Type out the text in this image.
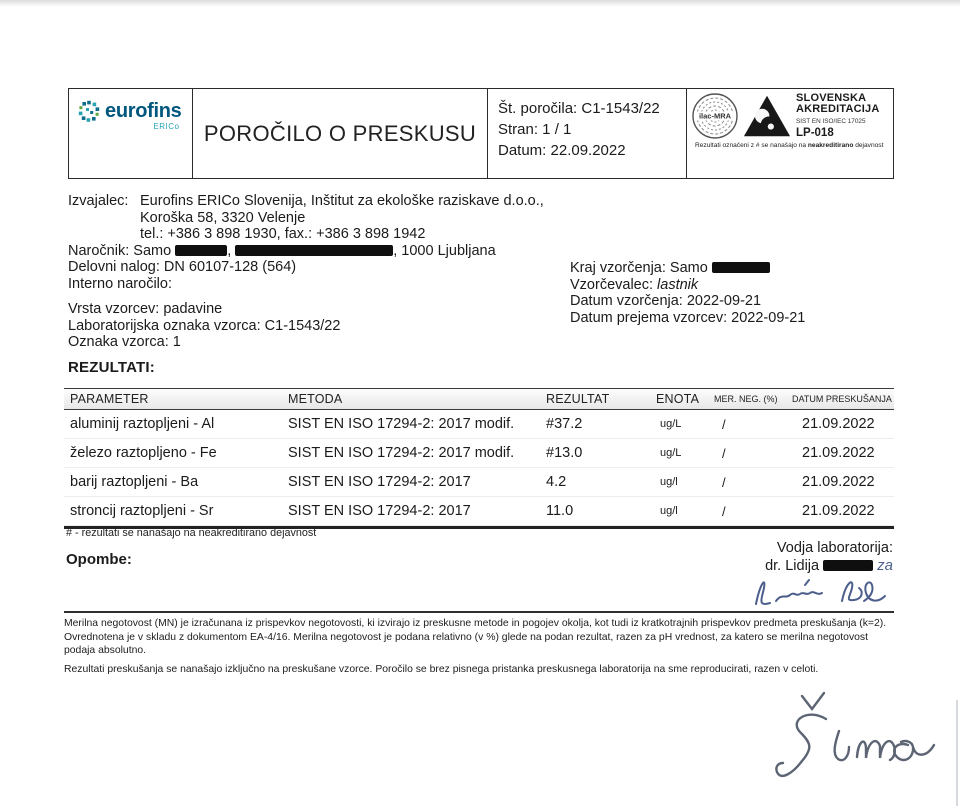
eurofins
ERICo POROČILO O PRESKUSU
Št. poročila: C1-1543/22
Stran: 1 / 1
Datum: 22.09.2022
ilac-MRA
SLOVENSKA
AKREDITACIJA
SIST EN ISO/IEC 17025
LP-018
Rezultati označeni z # se nanašajo na neakreditirano dejavnost
Izvajalec: Eurofins ERICo Slovenija, Inštitut za ekološke raziskave d.o.o.,
Koroška 58, 3320 Velenje
tel.: +386 3 898 1930, fax.: +386 3 898 1942
Naročnik: Samo	,	, 1000 Ljubljana
Delovni nalog: DN 60107-128 (564)
Interno naročilo:
Kraj vzorčenja: Samo
Vzorčevalec: lastnik
Datum vzorčenja: 2022-09-21
Datum prejema vzorcev: 2022-09-21
Vrsta vzorcev: padavine
Laboratorijska oznaka vzorca: C1-1543/22
Oznaka vzorca: 1
REZULTATI:
PARAMETER	METODA	REZULTAT	ENOTA	MER. NEG. (%)	DATUM PRESKUŠANJA
aluminij raztopljeni - Al	SIST EN ISO 17294-2: 2017 modif.	#37.2	ug/L	/	21.09.2022
železo raztopljeno - Fe	SIST EN ISO 17294-2: 2017 modif.	#13.0	ug/L	/	21.09.2022
barij raztopljeni - Ba	SIST EN ISO 17294-2: 2017	4.2	ug/l	/	21.09.2022
stroncij raztopljeni - Sr	SIST EN ISO 17294-2: 2017	11.0	ug/l	/	21.09.2022
# - rezultati se nanašajo na neakreditirano dejavnost
Opombe:
Vodja laboratorija:
dr. Lidija	za
Merilna negotovost (MN) je izračunana iz prispevkov negotovosti, ki izvirajo iz preskusne metode in pogojev okolja, kot tudi iz kratkotrajnih prispevkov predmeta preskušanja (k=2). Ovrednotena je v skladu z dokumentom EA-4/16. Merilna negotovost je podana relativno (v %) glede na podan rezultat, razen za pH vrednost, za katero se merilna negotovost podaja absolutno.
Rezultati preskušanja se nanašajo izključno na preskušane vzorce. Poročilo se brez pisnega pristanka preskusnega laboratorija na sme reproducirati, razen v celoti.
